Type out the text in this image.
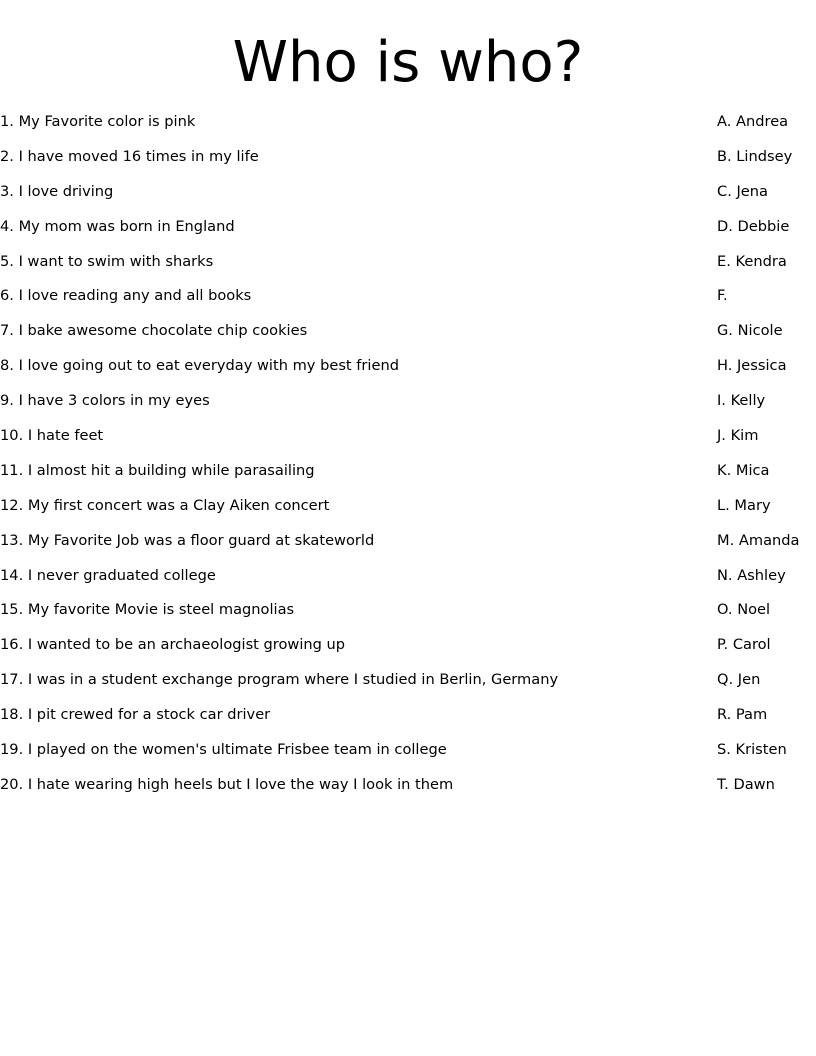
Who is who?
1. My Favorite color is pink
2. I have moved 16 times in my life
3. I love driving
4. My mom was born in England
5. I want to swim with sharks
6. I love reading any and all books
7. I bake awesome chocolate chip cookies
8. I love going out to eat everyday with my best friend
9. I have 3 colors in my eyes
10. I hate feet
11. I almost hit a building while parasailing
12. My first concert was a Clay Aiken concert
13. My Favorite Job was a floor guard at skateworld
14. I never graduated college
15. My favorite Movie is steel magnolias
16. I wanted to be an archaeologist growing up
17. I was in a student exchange program where I studied in Berlin, Germany
18. I pit crewed for a stock car driver
19. I played on the women's ultimate Frisbee team in college
20. I hate wearing high heels but I love the way I look in them
A. Andrea
B. Lindsey
C. Jena
D. Debbie
E. Kendra
F.
G. Nicole
H. Jessica
I. Kelly
J. Kim
K. Mica
L. Mary
M. Amanda
N. Ashley
O. Noel
P. Carol
Q. Jen
R. Pam
S. Kristen
T. Dawn
